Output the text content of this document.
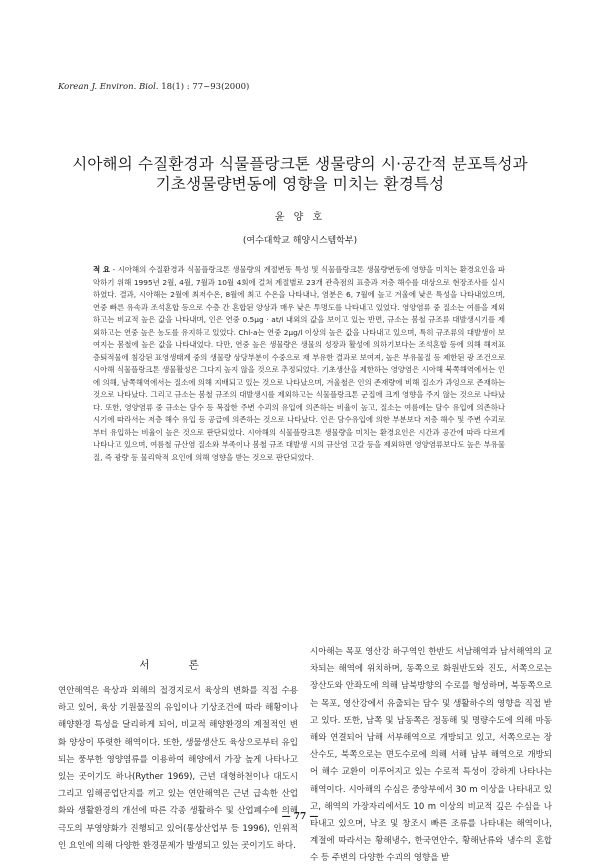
Korean J. Environ. Biol. 18(1) : 77~93(2000)
시아해의 수질환경과 식물플랑크톤 생물량의 시·공간적 분포특성과
기초생물량변동에 영향을 미치는 환경특성
윤 양 호
(여수대학교 해양시스템학부)
적 요 - 시아해의 수질환경과 식물플랑크톤 생물량의 계절변동 특성 및 식물플랑크톤 생물량변동에 영향을 미치는 환경요인을 파악하기 위해 1995년 2월, 4월, 7월과 10월 4회에 걸쳐 계절별로 23개 관측점의 표층과 저층 해수를 대상으로 현장조사를 실시하였다. 결과, 시아해는 2월에 최저수온, 8월에 최고 수온을 나타내나, 염분은 6, 7월에 높고 겨울에 낮은 특성을 나타내었으며, 연중 빠른 유속과 조석혼합 등으로 수층 간 혼합된 양상과 매우 낮은 투명도를 나타내고 있었다. 영양염류 중 질소는 여름을 제외하고는 비교적 높은 값을 나타내며, 인은 연중 0.5μg · at/l 내외의 값을 보이고 있는 반면, 규소는 봄철 규조류 대발생시기를 제외하고는 연중 높은 농도를 유지하고 있었다. Chl-a는 연중 2μg/l 이상의 높은 값을 나타내고 있으며, 특히 규조류의 대발생이 보여지는 봄철에 높은 값을 나타내었다. 다만, 연중 높은 생물량은 생물의 성장과 활성에 의하기보다는 조석혼합 등에 의해 해저표층퇴적물에 침강된 표영생태계 중의 생물량 상당부분이 수중으로 재 부유한 결과로 보여져, 높은 부유물질 등 제한된 광 조건으로 시아해 식물플랑크톤 생물활성은 그다지 높지 않을 것으로 추정되었다. 기초생산을 제한하는 영양염은 시아해 북쪽해역에서는 인에 의해, 남쪽해역에서는 질소에 의해 지배되고 있는 것으로 나타났으며, 겨울철은 인의 존재량에 비해 질소가 과잉으로 존재하는 것으로 나타났다. 그리고 규소는 봄철 규조의 대발생시를 제외하고는 식물플랑크톤 군집에 크게 영향을 주지 않는 것으로 나타났다. 또한, 영양염류 중 규소는 담수 등 복잡한 주변 수괴의 유입에 의존하는 비율이 높고, 질소는 여름에는 담수 유입에 의존하나 시기에 따라서는 저층 해수 유입 등 공급에 의존하는 것으로 나타났다. 인은 담수유입에 의한 부분보다 저층 해수 및 주변 수괴로부터 유입하는 비율이 높은 것으로 판단되었다. 시아해의 식물플랑크톤 생물량을 미치는 환경요인은 시간과 공간에 따라 다르게 나타나고 있으며, 여름철 규산염 질소와 부족이나 봄철 규조 대발생 시의 규산염 고갈 등을 제외하면 영양염류보다도 높은 부유물질, 즉 광량 등 물리학적 요인에 의해 영향을 받는 것으로 판단되었다.
서 론
연안해역은 육상과 외해의 접경지로서 육상의 변화를 직접 수용하고 있어, 육상 기원물질의 유입이나 기상조건에 따라 해황이나 해양환경 특성을 달리하게 되어, 비교적 해양환경의 계절적인 변화 양상이 뚜렷한 해역이다. 또한, 생물생산도 육상으로부터 유입되는 풍부한 영양염류를 이용하여 해양에서 가장 높게 나타나고 있는 곳이기도 하나(Ryther 1969), 근년 대형하천이나 대도시 그리고 임해공업단지를 끼고 있는 연안해역은 근년 급속한 산업화와 생활환경의 개선에 따른 각종 생활하수 및 산업폐수에 의해 극도의 부영양화가 진행되고 있어(통상산업부 등 1996), 인위적인 요인에 의해 다양한 환경문제가 발생되고 있는 곳이기도 하다.
시아해는 목포 영산강 하구역인 한반도 서남해역과 남서해역의 교차되는 해역에 위치하며, 동쪽으로 화원반도와 진도, 서쪽으로는 장산도와 안좌도에 의해 남북방향의 수로를 형성하며, 북동쪽으로는 목포, 영산강에서 유출되는 담수 및 생활하수의 영향을 직접 받고 있다. 또한, 남쪽 및 남동쪽은 정동해 및 명량수도에 의해 마동해와 연결되어 남해 서부해역으로 개방되고 있고, 서쪽으로는 장산수도, 북쪽으로는 면도수로에 의해 서해 남부 해역으로 개방되어 해수 교환이 이루어지고 있는 수로적 특성이 강하게 나타나는 해역이다. 시아해의 수심은 중앙부에서 30 m 이상을 나타내고 있고, 해역의 가장자리에서도 10 m 이상의 비교적 깊은 수심을 나타내고 있으며, 낙조 및 창조시 빠른 조류를 나타내는 해역이나, 계절에 따라서는 황해냉수, 한국연안수, 황해난류와 냉수의 혼합수 등 주변의 다양한 수괴의 영향을 받
— 77 —
